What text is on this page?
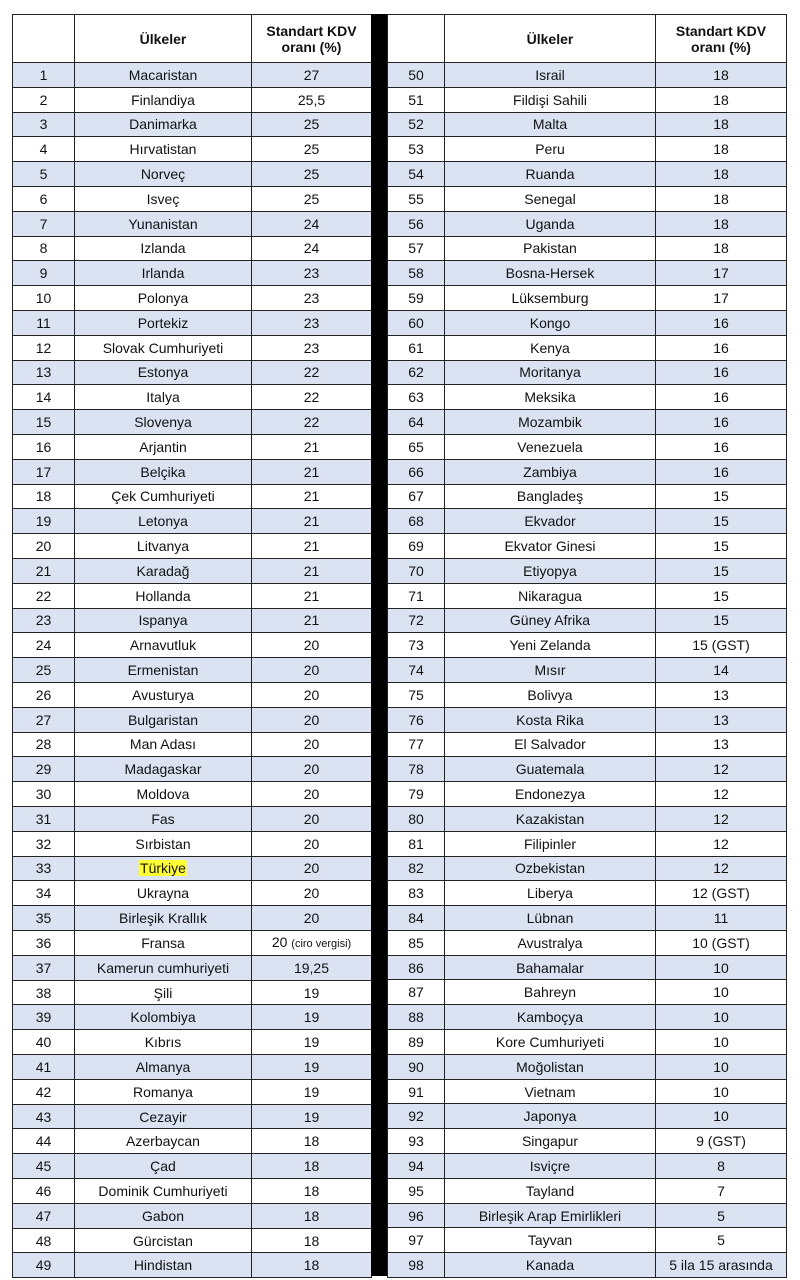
	Ülkeler	Standart KDV
oranı (%)
1	Macaristan	27
2	Finlandiya	25,5
3	Danimarka	25
4	Hırvatistan	25
5	Norveç	25
6	Isveç	25
7	Yunanistan	24
8	Izlanda	24
9	Irlanda	23
10	Polonya	23
11	Portekiz	23
12	Slovak Cumhuriyeti	23
13	Estonya	22
14	Italya	22
15	Slovenya	22
16	Arjantin	21
17	Belçika	21
18	Çek Cumhuriyeti	21
19	Letonya	21
20	Litvanya	21
21	Karadağ	21
22	Hollanda	21
23	Ispanya	21
24	Arnavutluk	20
25	Ermenistan	20
26	Avusturya	20
27	Bulgaristan	20
28	Man Adası	20
29	Madagaskar	20
30	Moldova	20
31	Fas	20
32	Sırbistan	20
33	Türkiye	20
34	Ukrayna	20
35	Birleşik Krallık	20
36	Fransa	20 (ciro vergisi)
37	Kamerun cumhuriyeti	19,25
38	Şili	19
39	Kolombiya	19
40	Kıbrıs	19
41	Almanya	19
42	Romanya	19
43	Cezayir	19
44	Azerbaycan	18
45	Çad	18
46	Dominik Cumhuriyeti	18
47	Gabon	18
48	Gürcistan	18
49	Hindistan	18
	Ülkeler	Standart KDV
oranı (%)
50	Israil	18
51	Fildişi Sahili	18
52	Malta	18
53	Peru	18
54	Ruanda	18
55	Senegal	18
56	Uganda	18
57	Pakistan	18
58	Bosna-Hersek	17
59	Lüksemburg	17
60	Kongo	16
61	Kenya	16
62	Moritanya	16
63	Meksika	16
64	Mozambik	16
65	Venezuela	16
66	Zambiya	16
67	Bangladeş	15
68	Ekvador	15
69	Ekvator Ginesi	15
70	Etiyopya	15
71	Nikaragua	15
72	Güney Afrika	15
73	Yeni Zelanda	15 (GST)
74	Mısır	14
75	Bolivya	13
76	Kosta Rika	13
77	El Salvador	13
78	Guatemala	12
79	Endonezya	12
80	Kazakistan	12
81	Filipinler	12
82	Ozbekistan	12
83	Liberya	12 (GST)
84	Lübnan	11
85	Avustralya	10 (GST)
86	Bahamalar	10
87	Bahreyn	10
88	Kamboçya	10
89	Kore Cumhuriyeti	10
90	Moğolistan	10
91	Vietnam	10
92	Japonya	10
93	Singapur	9 (GST)
94	Isviçre	8
95	Tayland	7
96	Birleşik Arap Emirlikleri	5
97	Tayvan	5
98	Kanada	5 ila 15 arasında
